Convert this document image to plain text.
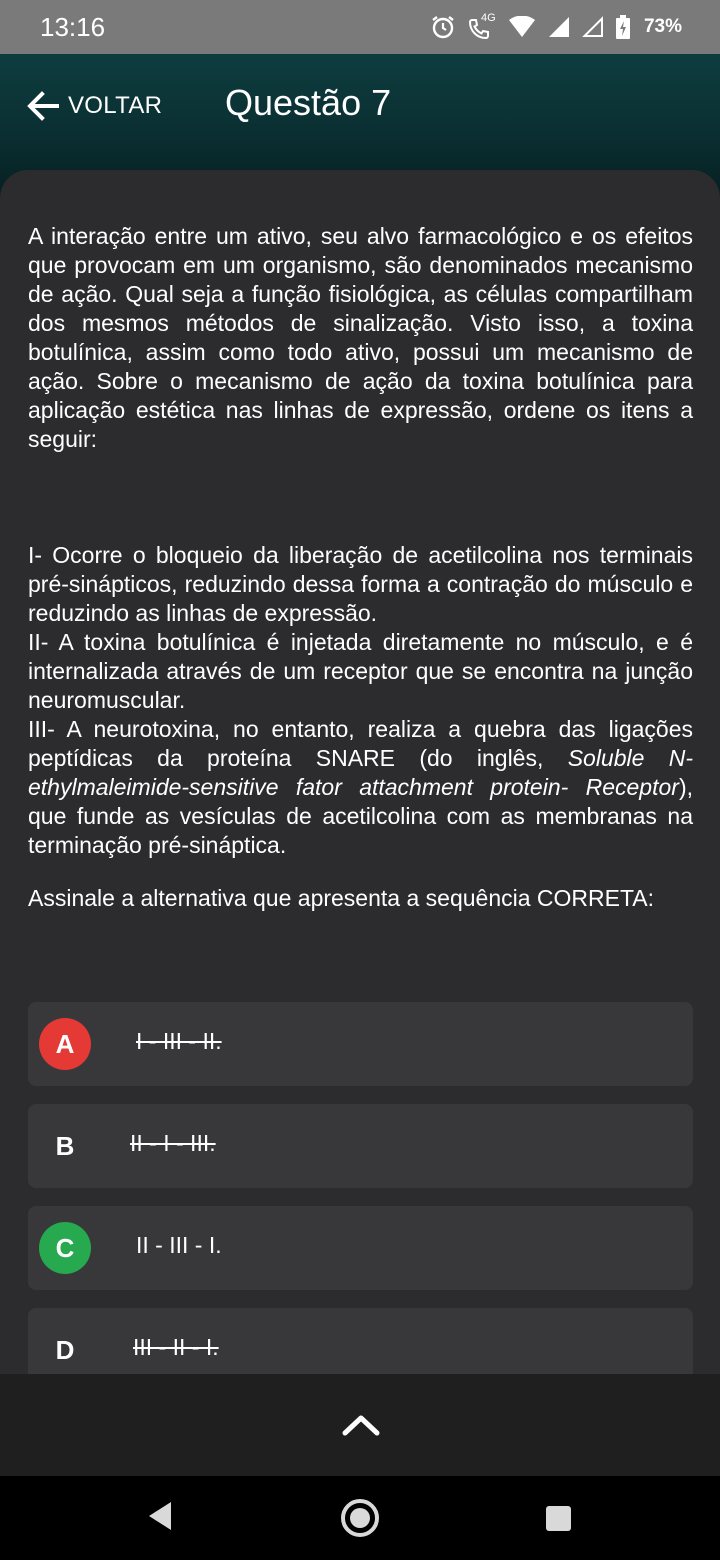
13:16	4G	73%
VOLTAR Questão 7

A interação entre um ativo, seu alvo farmacológico e os efeitos que provocam em um organismo, são denominados mecanismo de ação. Qual seja a função fisiológica, as células compartilham dos mesmos métodos de sinalização. Visto isso, a toxina botulínica, assim como todo ativo, possui um mecanismo de ação. Sobre o mecanismo de ação da toxina botulínica para aplicação estética nas linhas de expressão, ordene os itens a seguir:

I- Ocorre o bloqueio da liberação de acetilcolina nos terminais pré-sinápticos, reduzindo dessa forma a contração do músculo e reduzindo as linhas de expressão.

II- A toxina botulínica é injetada diretamente no músculo, e é internalizada através de um receptor que se encontra na junção neuromuscular.

III- A neurotoxina, no entanto, realiza a quebra das ligações peptídicas da proteína SNARE (do inglês, Soluble N-ethylmaleimide-sensitive fator attachment protein- Receptor), que funde as vesículas de acetilcolina com as membranas na terminação pré-sináptica.

Assinale a alternativa que apresenta a sequência CORRETA:

A	I - III - II.
B	II - I - III.
C	II - III - I.
D	III - II - I.
